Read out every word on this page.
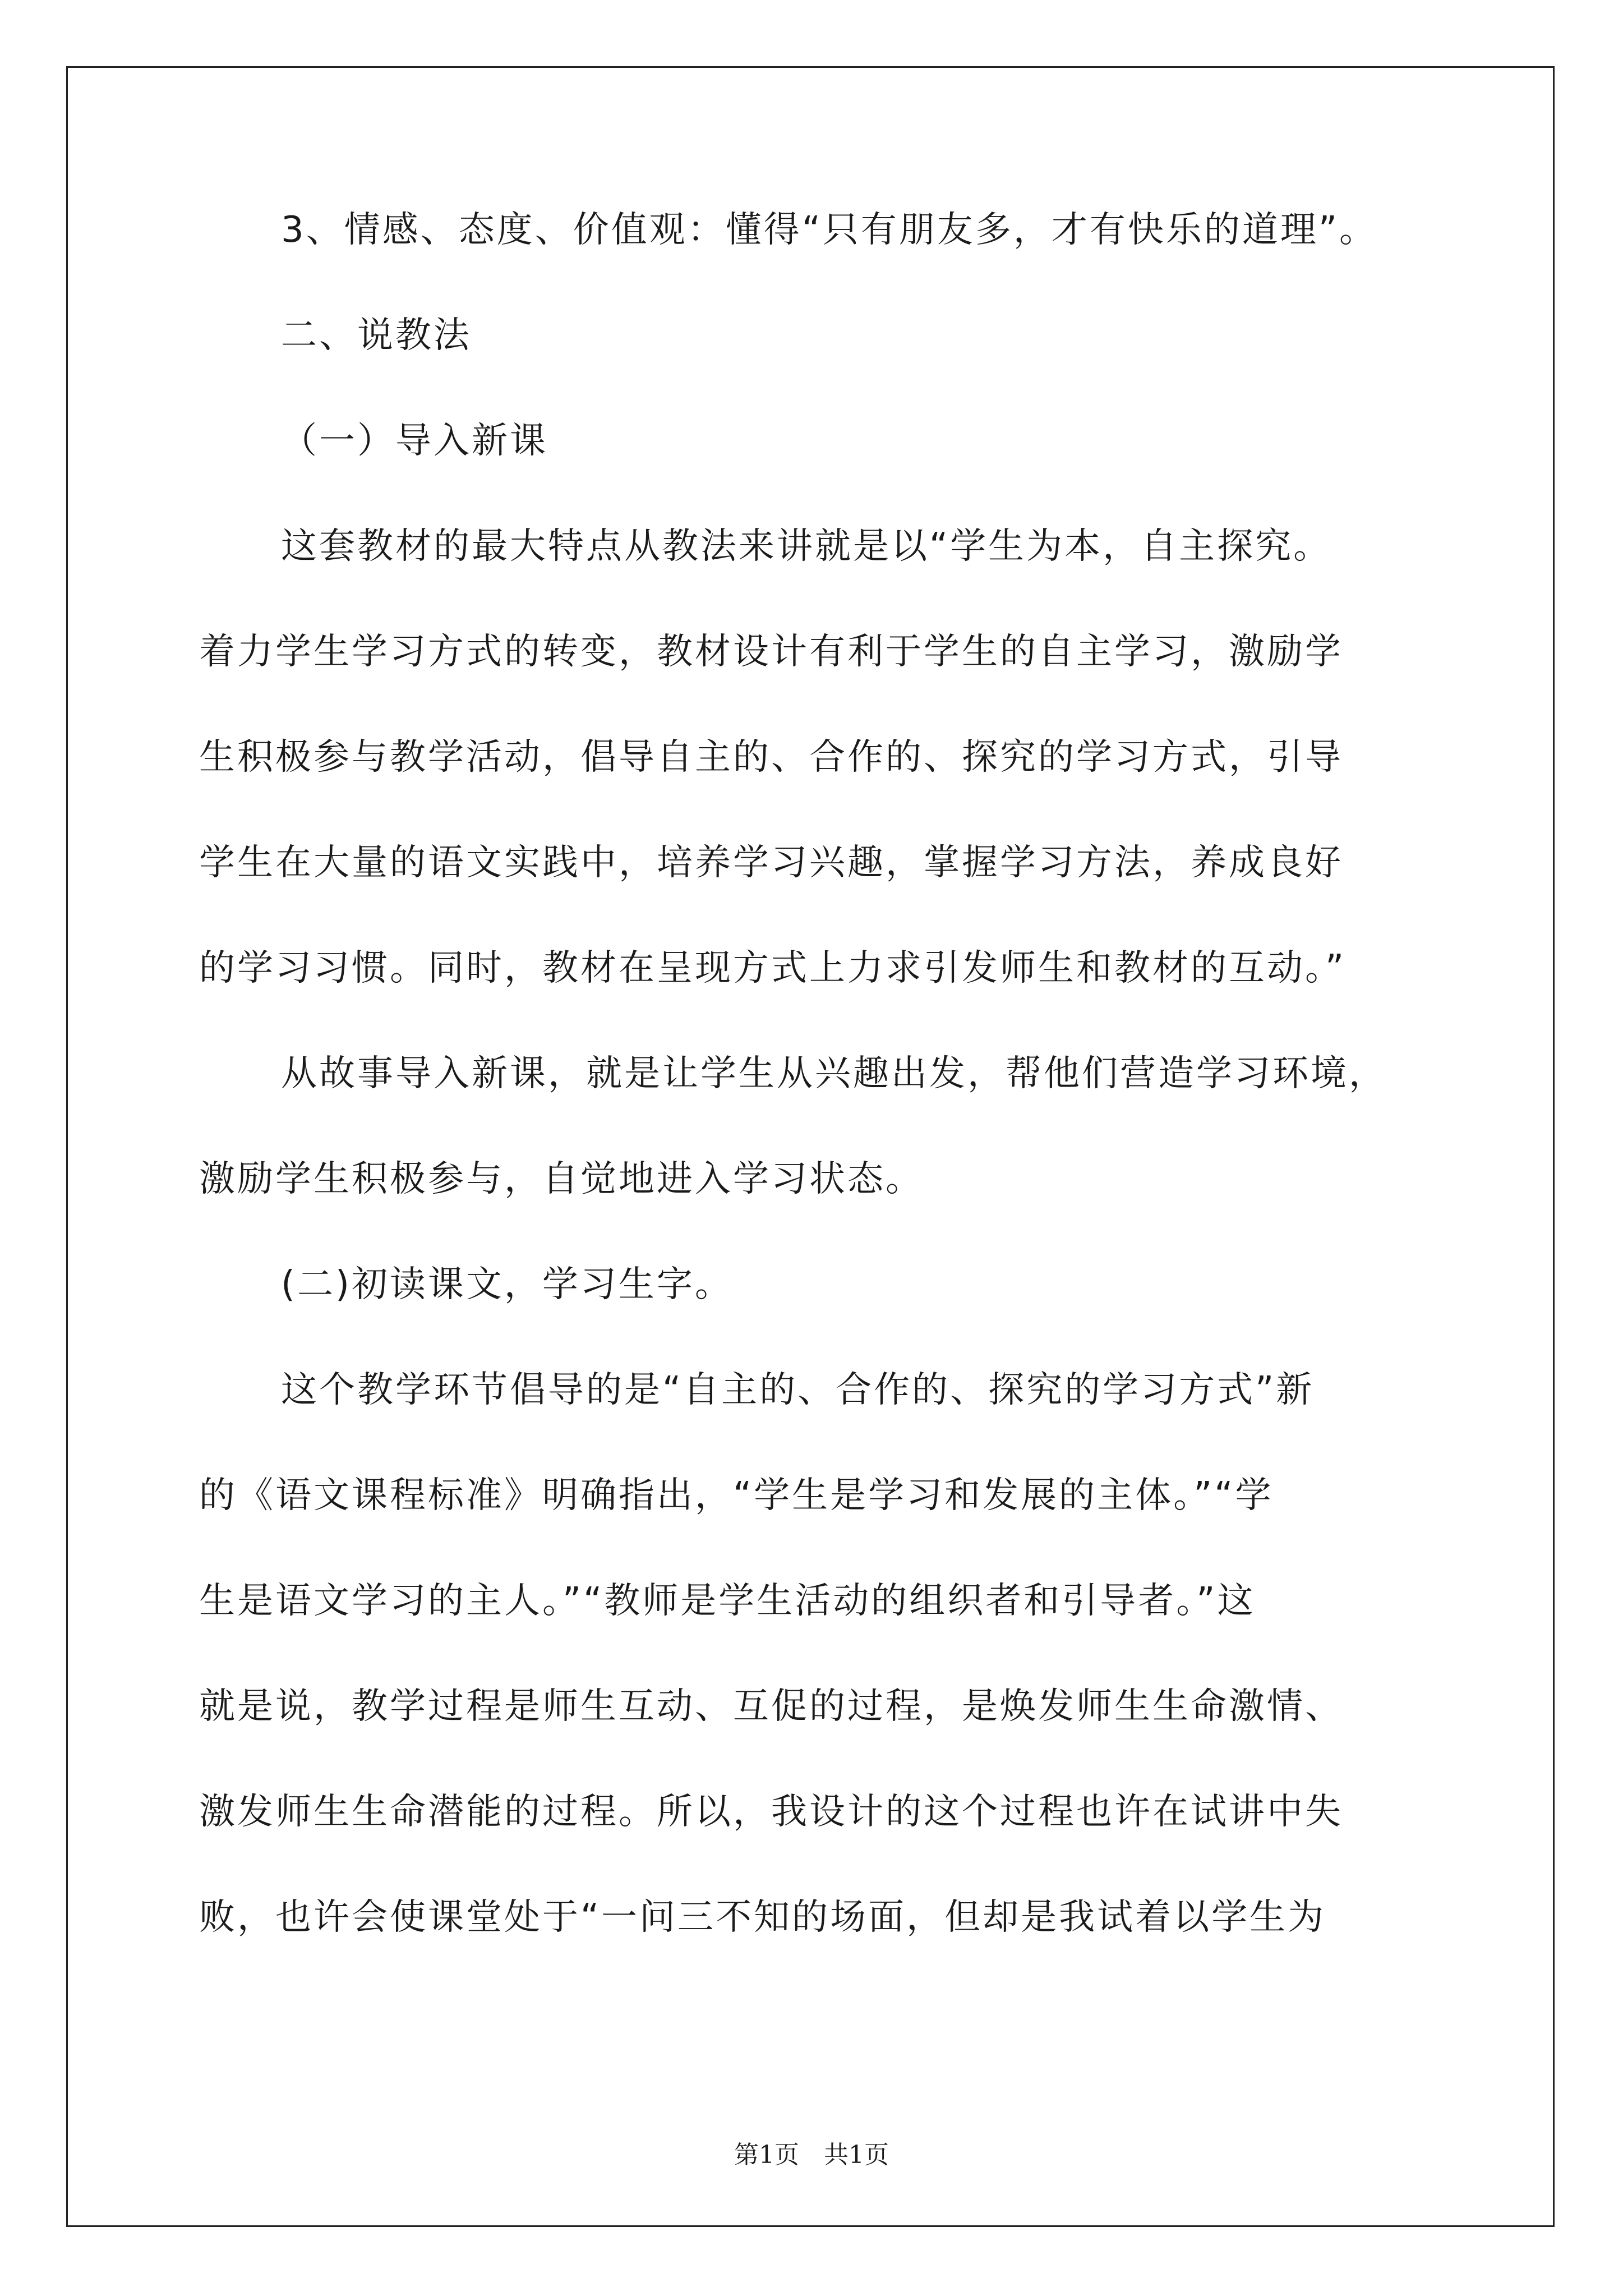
3、情感、态度、价值观：懂得“只有朋友多，才有快乐的道理”。
二、说教法
（一）导入新课
这套教材的最大特点从教法来讲就是以“学生为本，自主探究。
着力学生学习方式的转变，教材设计有利于学生的自主学习，激励学
生积极参与教学活动，倡导自主的、合作的、探究的学习方式，引导
学生在大量的语文实践中，培养学习兴趣，掌握学习方法，养成良好
的学习习惯。同时，教材在呈现方式上力求引发师生和教材的互动。”
从故事导入新课，就是让学生从兴趣出发，帮他们营造学习环境，
激励学生积极参与，自觉地进入学习状态。
(二)初读课文，学习生字。
这个教学环节倡导的是“自主的、合作的、探究的学习方式”新
的《语文课程标准》明确指出，“学生是学习和发展的主体。”“学
生是语文学习的主人。”“教师是学生活动的组织者和引导者。”这
就是说，教学过程是师生互动、互促的过程，是焕发师生生命激情、
激发师生生命潜能的过程。所以，我设计的这个过程也许在试讲中失
败，也许会使课堂处于“一问三不知的场面，但却是我试着以学生为
第1页　共1页
